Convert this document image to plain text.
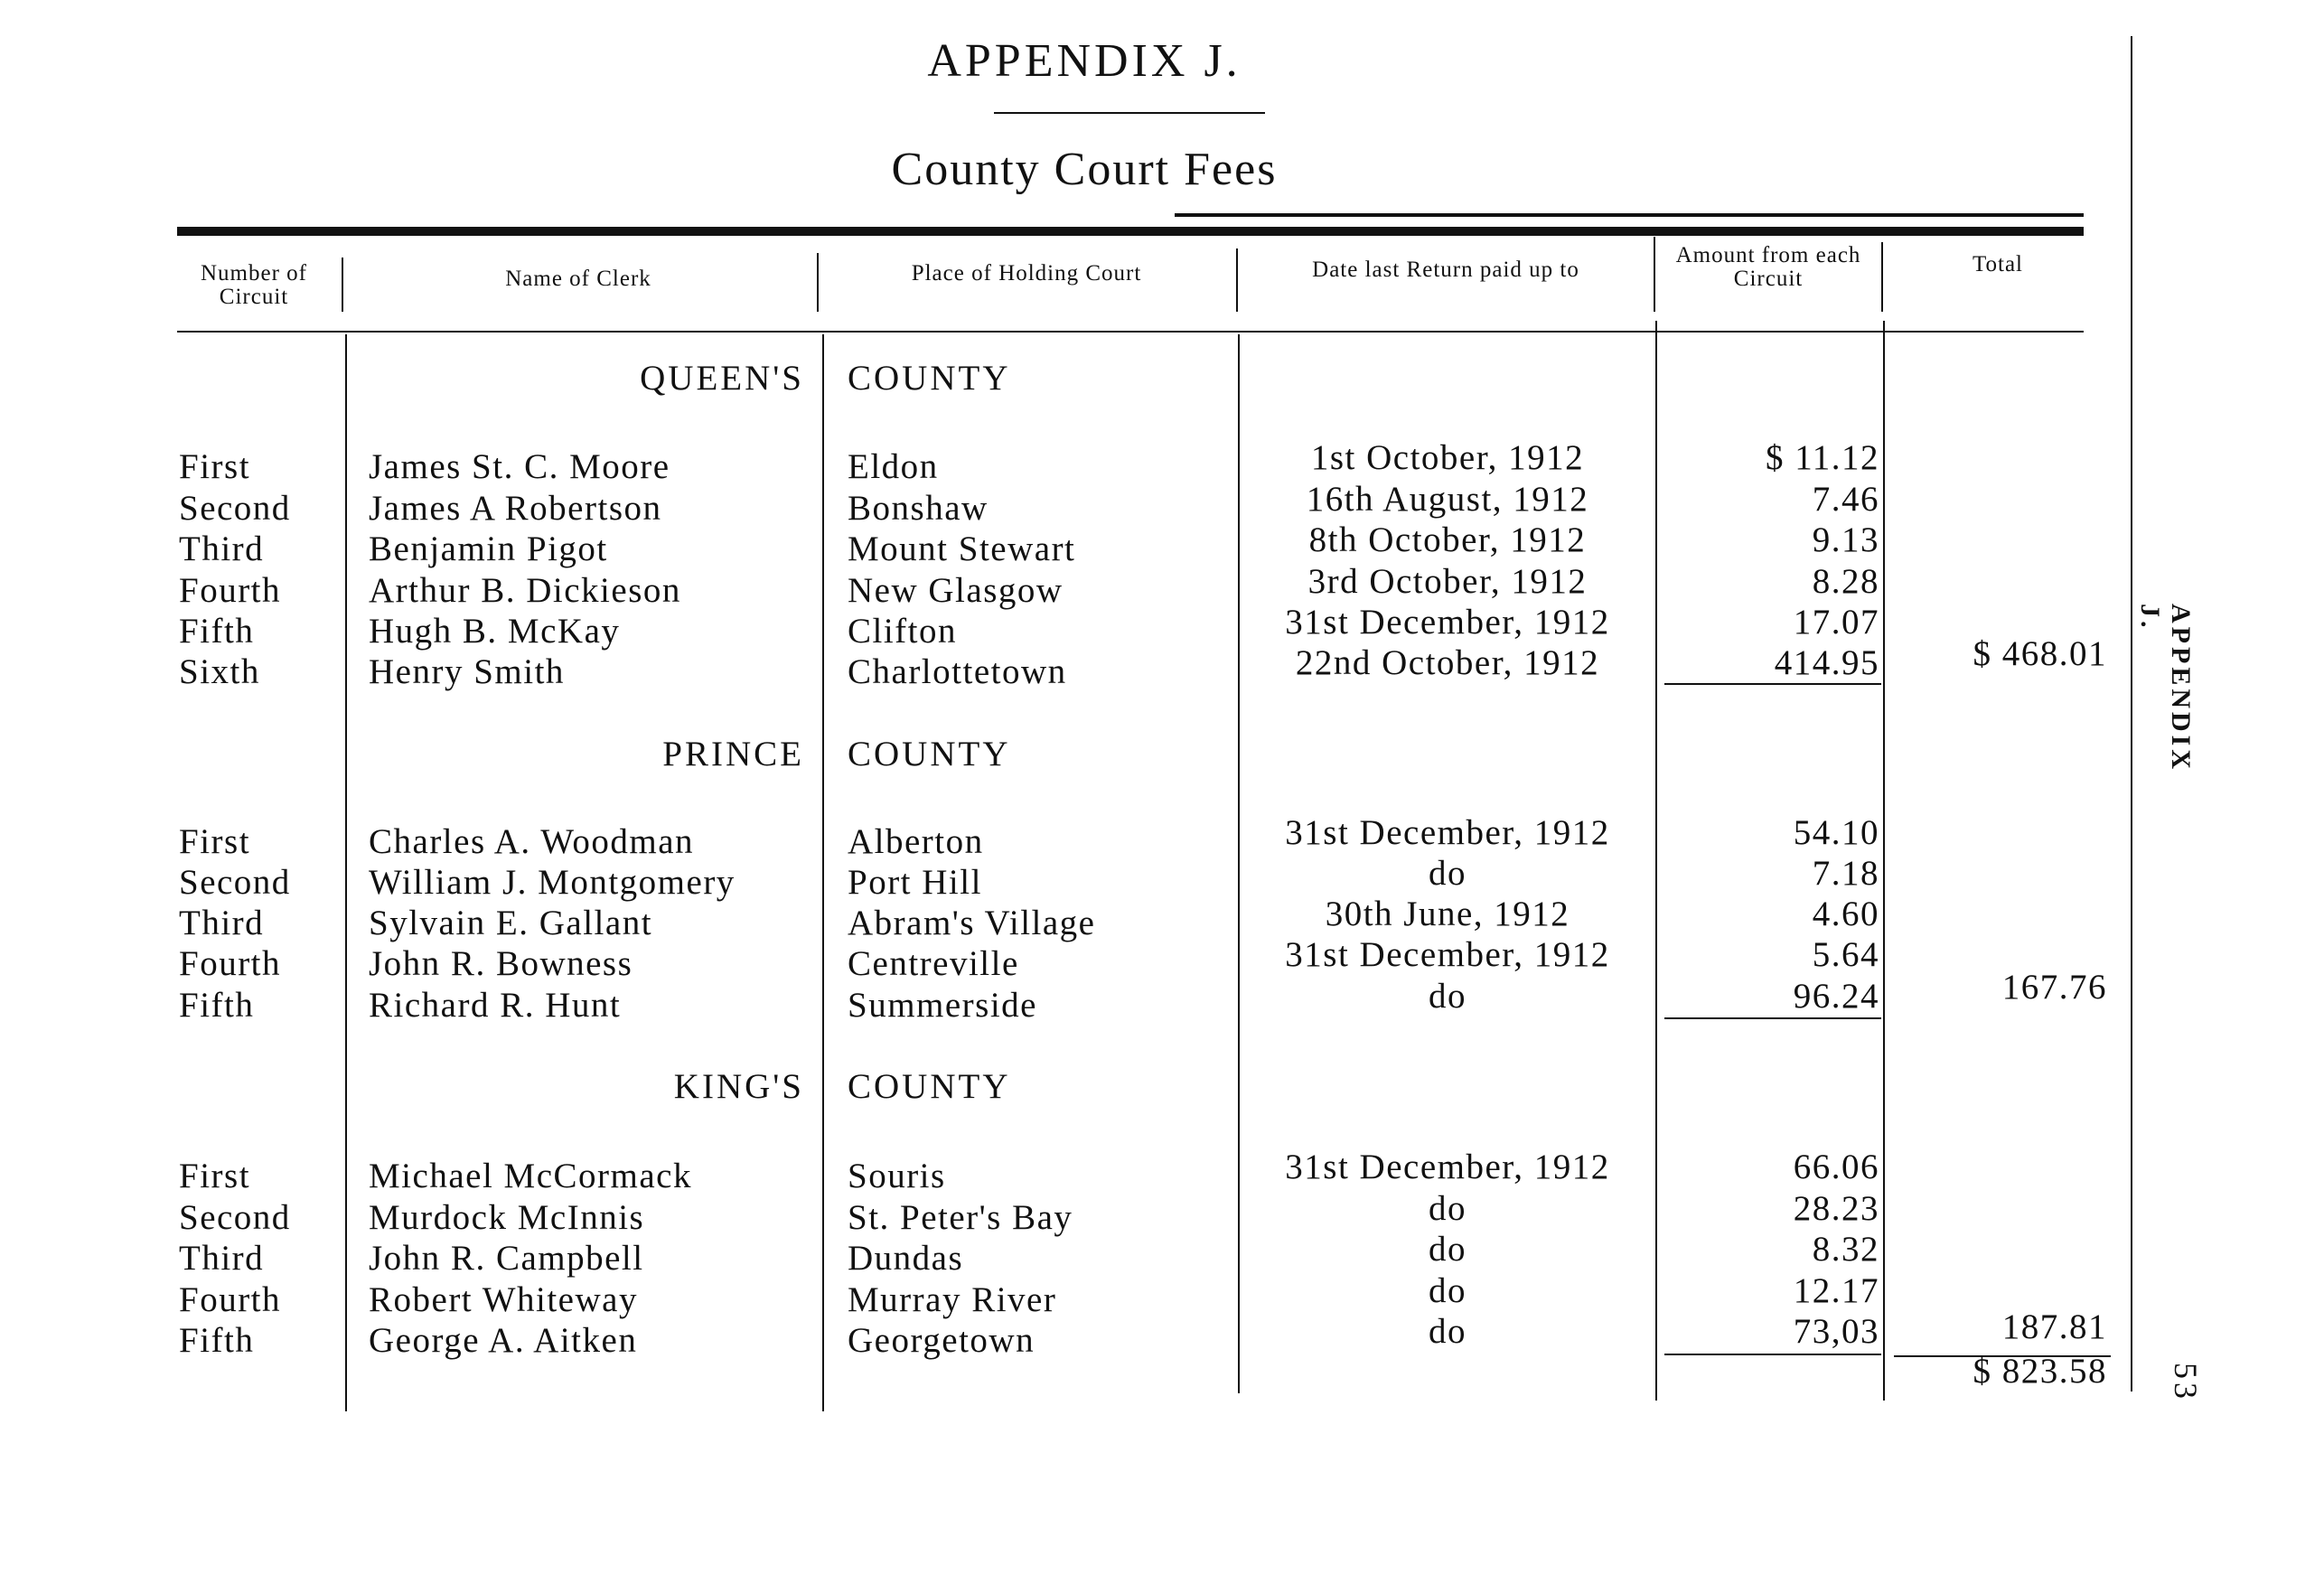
APPENDIX J.
County Court Fees
Number of Circuit
Name of Clerk	Place of Holding Court	Date last Return paid up to
Amount from each Circuit
Total
QUEEN'S COUNTY
First	James St. C. Moore	Eldon	1st October, 1912	$ 11.12
Second James A Robertson	Bonshaw	16th August, 1912	7.46
Third	Benjamin Pigot	Mount Stewart	8th October, 1912	9.13
Fourth Arthur B. Dickieson	New Glasgow	3rd October, 1912	8.28
Fifth	Hugh B. McKay	Clifton	31st December, 1912	17.07
Sixth	Henry Smith	Charlottetown	22nd October, 1912	414.95	$ 468.01
PRINCE COUNTY
First	Charles A. Woodman	Alberton	31st December, 1912	54.10
Second William J. Montgomery	Port Hill	do	7.18
Third	Sylvain E. Gallant	Abram's Village	30th June, 1912	4.60
Fourth John R. Bowness	Centreville	31st December, 1912	5.64
Fifth	Richard R. Hunt	Summerside	do	96.24	167.76
KING'S COUNTY
First	Michael McCormack	Souris	31st December, 1912	66.06
Second Murdock McInnis	St. Peter's Bay	do	28.23
Third	John R. Campbell	Dundas	do	8.32
Fourth Robert Whiteway	Murray River	do	12.17
Fifth	George A. Aitken	Georgetown	do	73,03	187.81
$ 823.58
APPENDIX J.
53
